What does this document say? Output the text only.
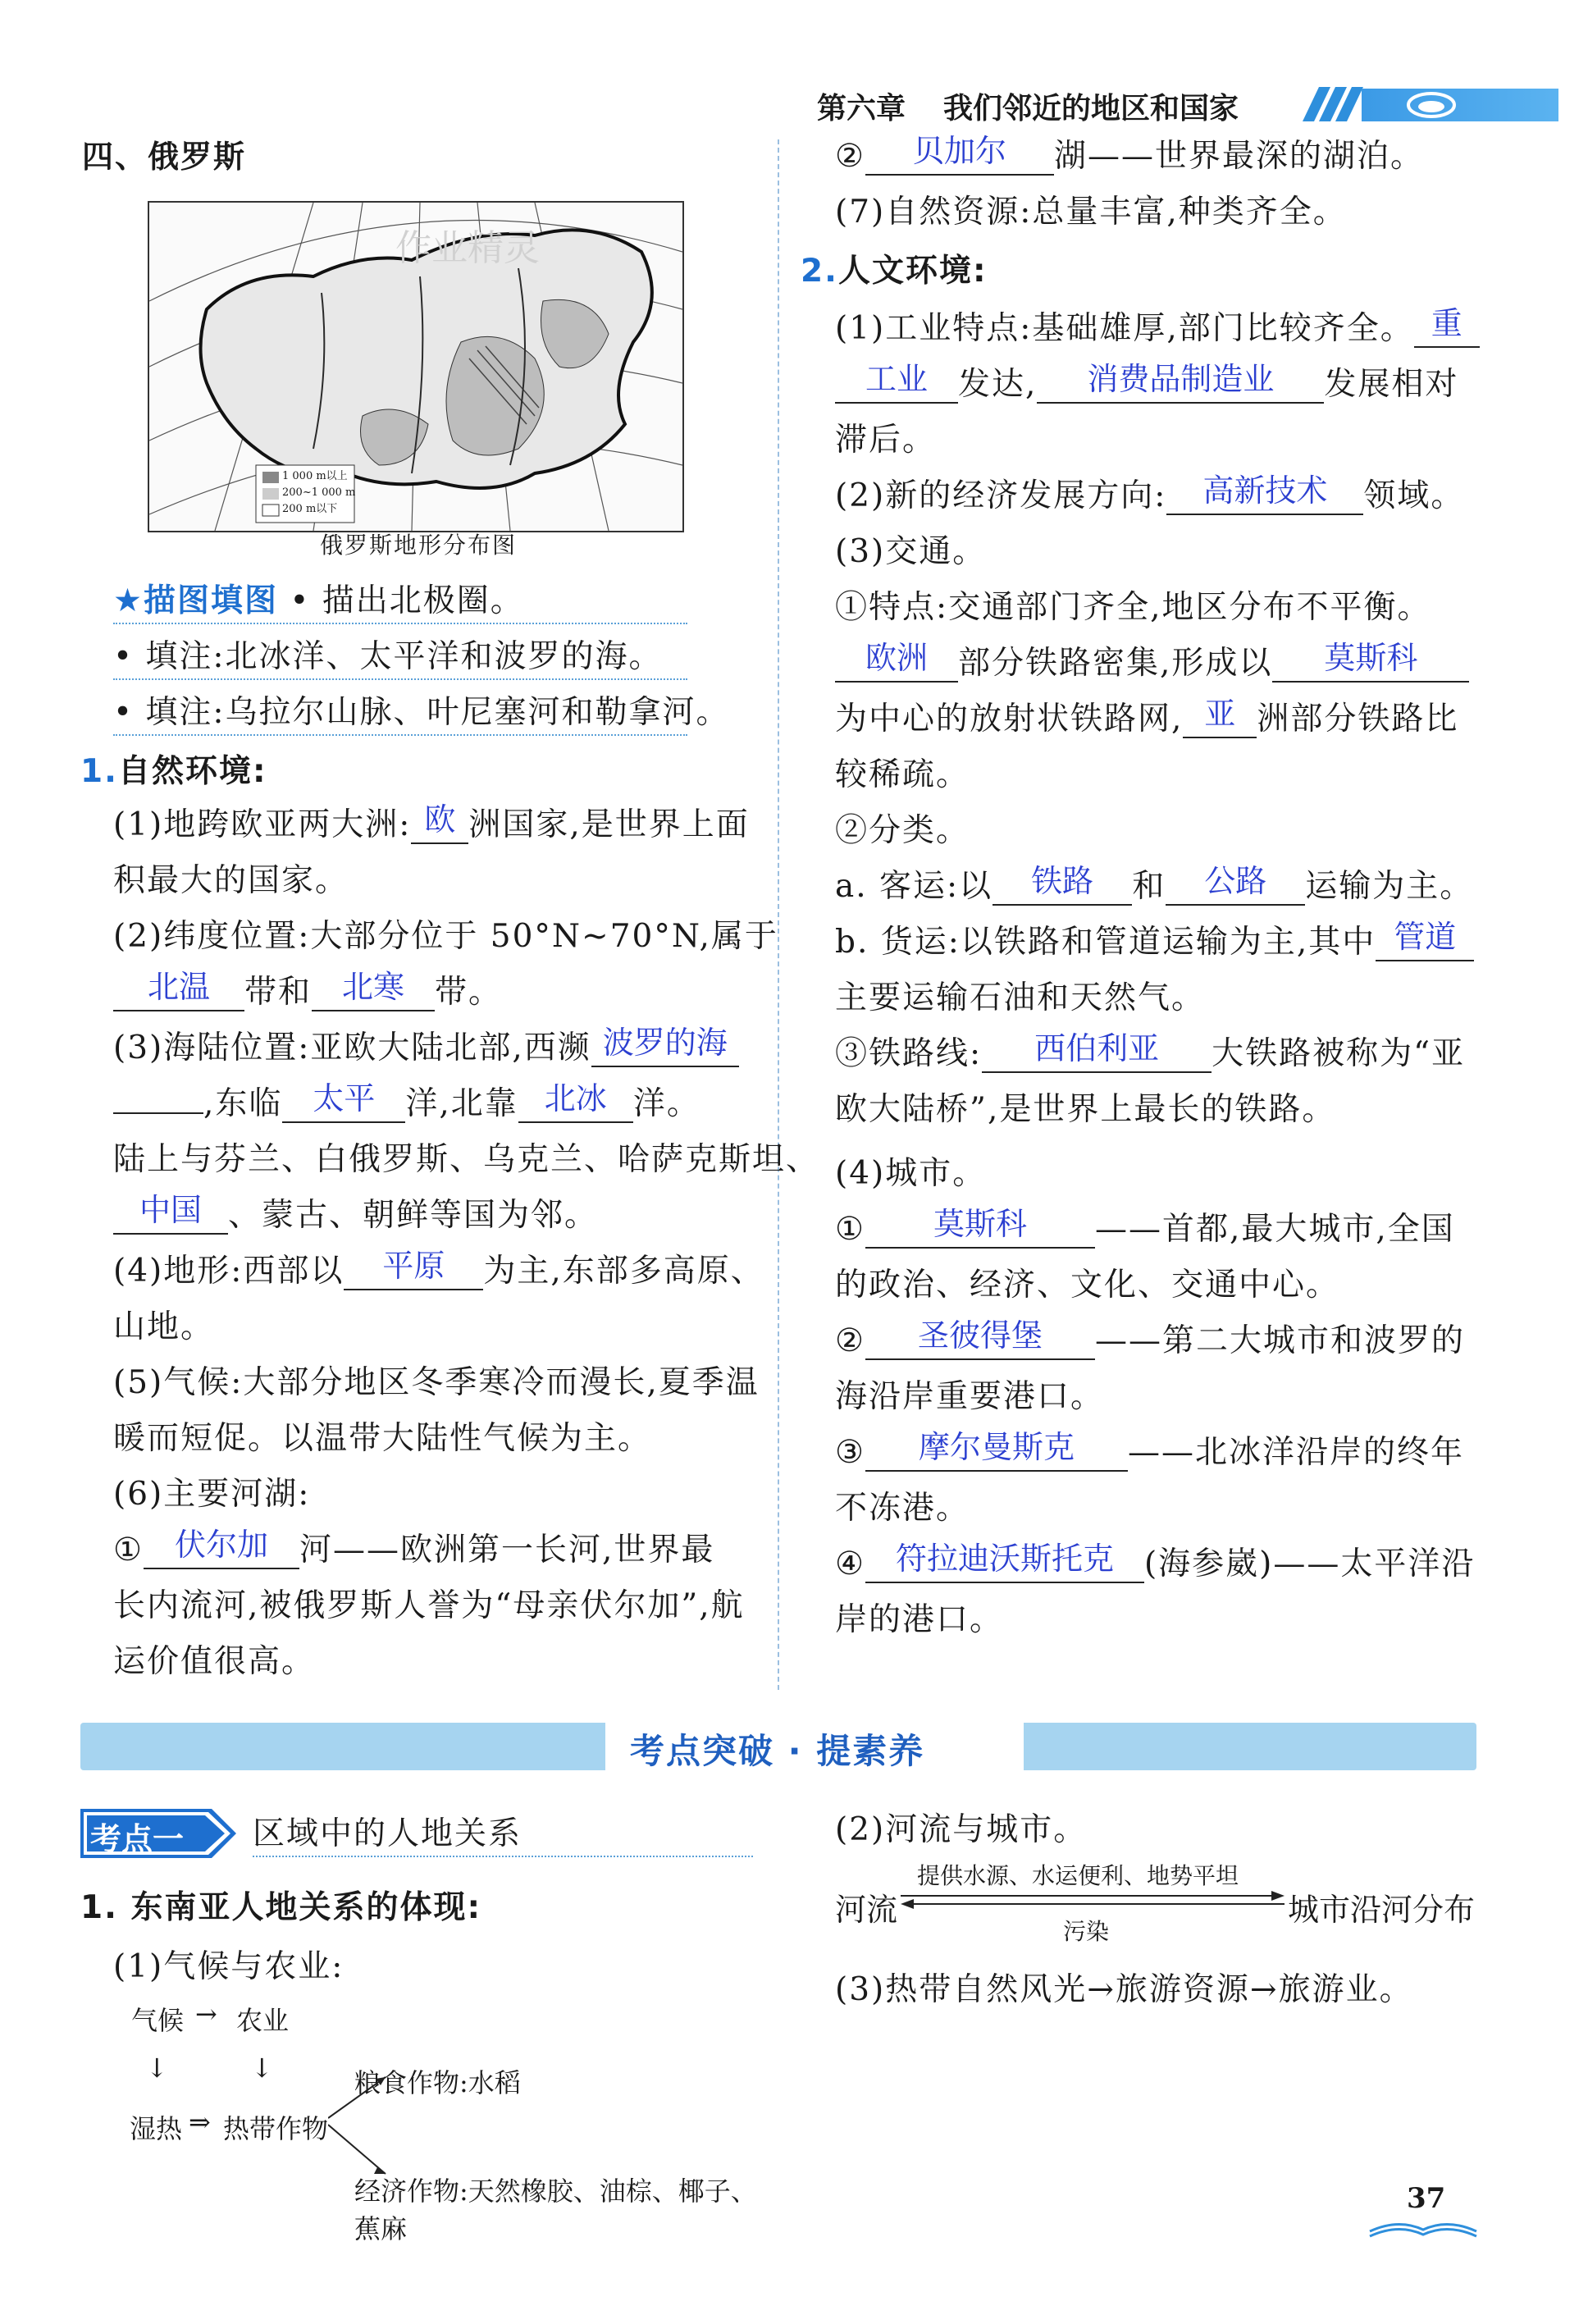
第六章 我们邻近的地区和国家
四、俄罗斯
作业精灵
1 000 m以上
200~1 000 m
200 m以下
俄罗斯地形分布图
★描图填图 • 描出北极圈。
• 填注:北冰洋、太平洋和波罗的海。
• 填注:乌拉尔山脉、叶尼塞河和勒拿河。
1.自然环境:
(1)地跨欧亚两大洲: 欧 洲国家,是世界上面
积最大的国家。
(2)纬度位置:大部分位于 50°N~70°N,属于
北温 带和 北寒 带。
(3)海陆位置:亚欧大陆北部,西濒 波罗的海
,东临 太平 洋,北靠 北冰 洋。
陆上与芬兰、白俄罗斯、乌克兰、哈萨克斯坦、
中国 、蒙古、朝鲜等国为邻。
(4)地形:西部以 平原 为主,东部多高原、
山地。
(5)气候:大部分地区冬季寒冷而漫长,夏季温
暖而短促。以温带大陆性气候为主。
(6)主要河湖:
① 伏尔加 河——欧洲第一长河,世界最
长内流河,被俄罗斯人誉为“母亲伏尔加”,航
运价值很高。
② 贝加尔 湖——世界最深的湖泊。
(7)自然资源:总量丰富,种类齐全。
2.人文环境:
(1)工业特点:基础雄厚,部门比较齐全。 重
工业 发达, 消费品制造业 发展相对
滞后。
(2)新的经济发展方向: 高新技术 领域。
(3)交通。
①特点:交通部门齐全,地区分布不平衡。
欧洲 部分铁路密集,形成以 莫斯科
为中心的放射状铁路网, 亚 洲部分铁路比
较稀疏。
②分类。
a. 客运:以 铁路 和 公路 运输为主。
b. 货运:以铁路和管道运输为主,其中 管道
主要运输石油和天然气。
③铁路线: 西伯利亚 大铁路被称为“亚
欧大陆桥”,是世界上最长的铁路。
(4)城市。
① 莫斯科 ——首都,最大城市,全国
的政治、经济、文化、交通中心。
② 圣彼得堡 ——第二大城市和波罗的
海沿岸重要港口。
③ 摩尔曼斯克 ——北冰洋沿岸的终年
不冻港。
④ 符拉迪沃斯托克 (海参崴)——太平洋沿
岸的港口。
考点突破 · 提素养
考点一 区域中的人地关系
1. 东南亚人地关系的体现:
(1)气候与农业:
气候 → 农业
↓	↓
湿热 ⇒ 热带作物
粮食作物:水稻
经济作物:天然橡胶、油棕、椰子、蕉麻
(2)河流与城市。
河流
提供水源、水运便利、地势平坦
污染
城市沿河分布
(3)热带自然风光→旅游资源→旅游业。
37
